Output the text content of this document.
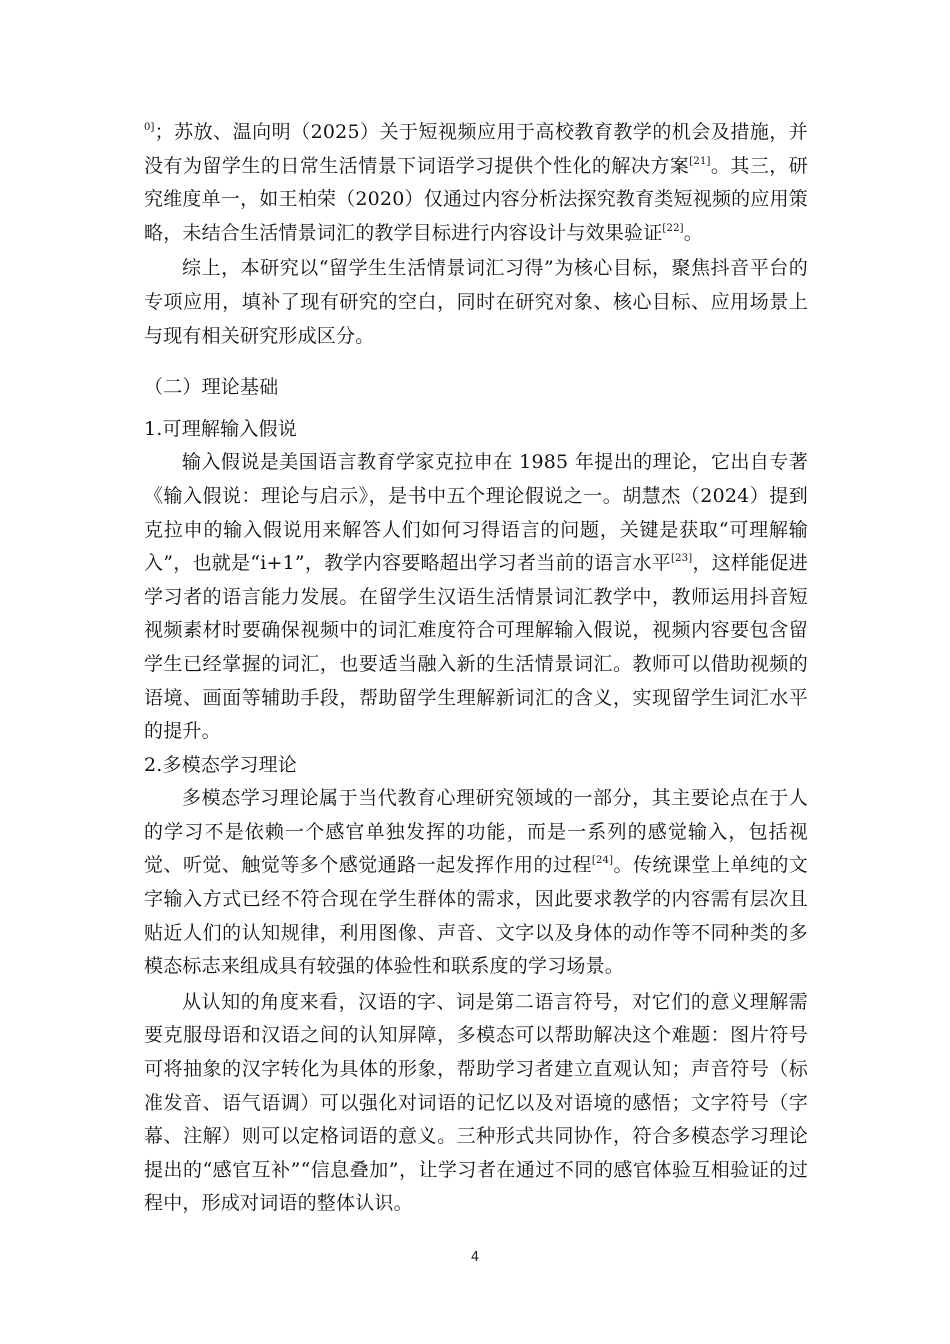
$^{0]}$；苏放、温向明（2025）关于短视频应用于高校教育教学的机会及措施，并没有为留学生的日常生活情景下词语学习提供个性化的解决方案[21]。其三，研究维度单一，如王柏荣（2020）仅通过内容分析法探究教育类短视频的应用策略，未结合生活情景词汇的教学目标进行内容设计与效果验证[22]。

综上，本研究以“留学生生活情景词汇习得”为核心目标，聚焦抖音平台的专项应用，填补了现有研究的空白，同时在研究对象、核心目标、应用场景上与现有相关研究形成区分。

（二）理论基础

1.可理解输入假说

输入假说是美国语言教育学家克拉申在 1985 年提出的理论，它出自专著《输入假说：理论与启示》，是书中五个理论假说之一。胡慧杰（2024）提到克拉申的输入假说用来解答人们如何习得语言的问题，关键是获取“可理解输入”，也就是“i+1”，教学内容要略超出学习者当前的语言水平[23]，这样能促进学习者的语言能力发展。在留学生汉语生活情景词汇教学中，教师运用抖音短视频素材时要确保视频中的词汇难度符合可理解输入假说，视频内容要包含留学生已经掌握的词汇，也要适当融入新的生活情景词汇。教师可以借助视频的语境、画面等辅助手段，帮助留学生理解新词汇的含义，实现留学生词汇水平的提升。

2.多模态学习理论

多模态学习理论属于当代教育心理研究领域的一部分，其主要论点在于人的学习不是依赖一个感官单独发挥的功能，而是一系列的感觉输入，包括视觉、听觉、触觉等多个感觉通路一起发挥作用的过程[24]。传统课堂上单纯的文字输入方式已经不符合现在学生群体的需求，因此要求教学的内容需有层次且贴近人们的认知规律，利用图像、声音、文字以及身体的动作等不同种类的多模态标志来组成具有较强的体验性和联系度的学习场景。

从认知的角度来看，汉语的字、词是第二语言符号，对它们的意义理解需要克服母语和汉语之间的认知屏障，多模态可以帮助解决这个难题：图片符号可将抽象的汉字转化为具体的形象，帮助学习者建立直观认知；声音符号（标准发音、语气语调）可以强化对词语的记忆以及对语境的感悟；文字符号（字幕、注解）则可以定格词语的意义。三种形式共同协作，符合多模态学习理论提出的“感官互补”“信息叠加”，让学习者在通过不同的感官体验互相验证的过程中，形成对词语的整体认识。

4
